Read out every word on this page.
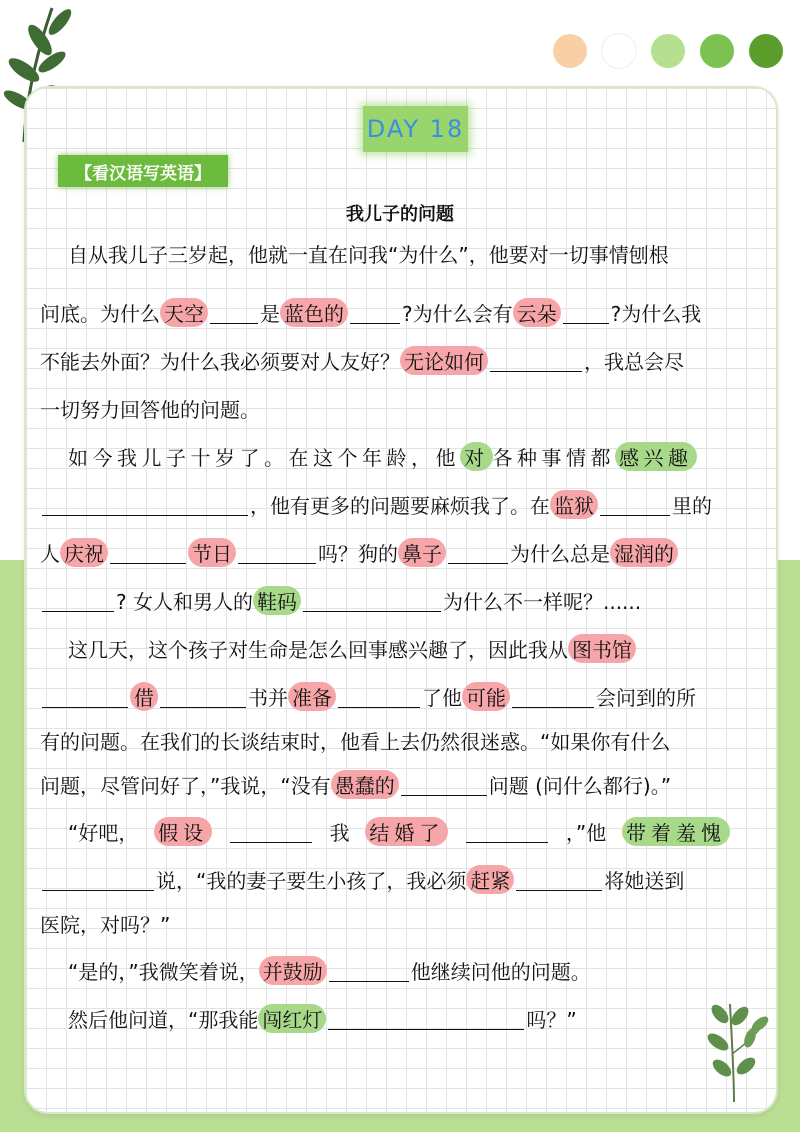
DAY 18
【看汉语写英语】
我儿子的问题
自从我儿子三岁起，他就一直在问我“为什么”，他要对一切事情刨根
问底。为什么 天空	是 蓝色的	?为什么会有 云朵	?为什么我
不能去外面？为什么我必须要对人友好？ 无论如何	，我总会尽
一切努力回答他的问题。
如今我儿子十岁了。在这个年龄，他 对 各种事情都 感兴趣
，他有更多的问题要麻烦我了。在 监狱	里的
人 庆祝	节日	吗？狗的 鼻子	为什么总是 湿润的
? 女人和男人的 鞋码	为什么不一样呢？......
这几天，这个孩子对生命是怎么回事感兴趣了，因此我从 图书馆
借	书并 准备	了他 可能	会问到的所
有的问题。在我们的长谈结束时，他看上去仍然很迷惑。“如果你有什么
问题，尽管问好了，”我说，“没有 愚蠢的	问题 (问什么都行)。”
“好吧， 假设	我 结婚了	，”他 带着羞愧
说，“我的妻子要生小孩了，我必须 赶紧	将她送到
医院，对吗？”
“是的，”我微笑着说， 并鼓励	他继续问他的问题。
然后他问道，“那我能 闯红灯	吗？”
